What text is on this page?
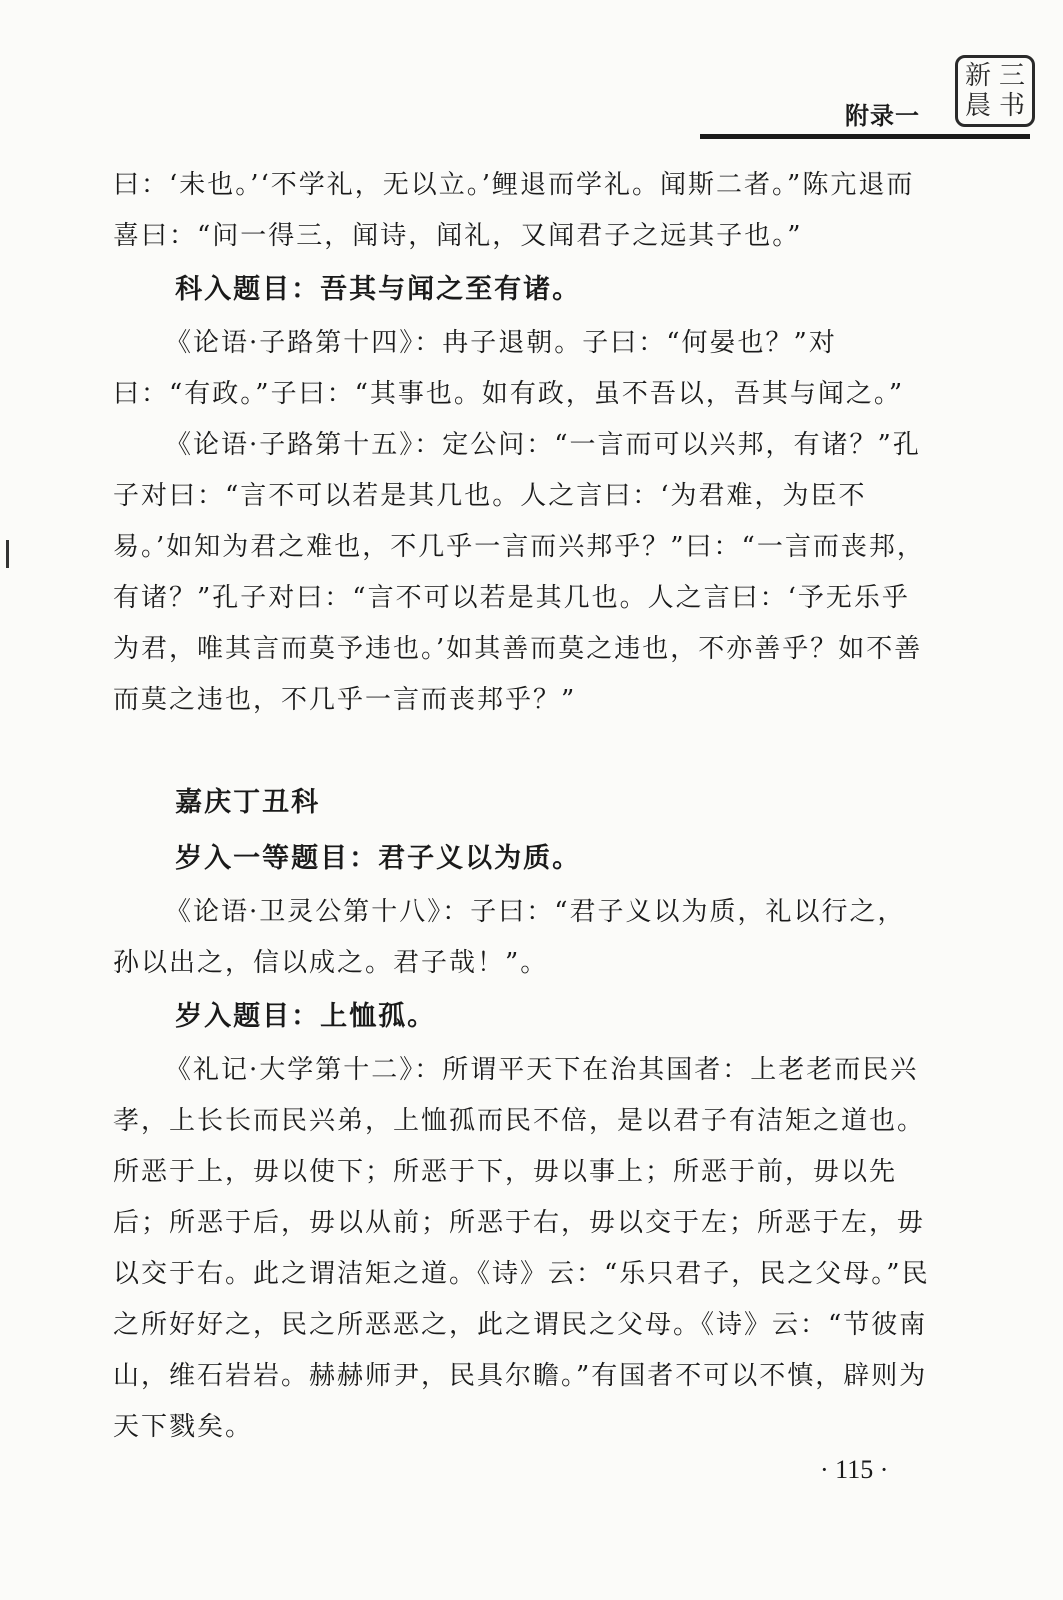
新 三
晨 书
附录一

曰：‘未也。’‘不学礼，无以立。’鲤退而学礼。闻斯二者。”陈亢退而喜曰：“问一得三，闻诗，闻礼，又闻君子之远其子也。”

科入题目：吾其与闻之至有诸。

《论语·子路第十四》：冉子退朝。子曰：“何晏也？”对曰：“有政。”子曰：“其事也。如有政，虽不吾以，吾其与闻之。”

《论语·子路第十五》：定公问：“一言而可以兴邦，有诸？”孔子对曰：“言不可以若是其几也。人之言曰：‘为君难，为臣不易。’如知为君之难也，不几乎一言而兴邦乎？”曰：“一言而丧邦，有诸？”孔子对曰：“言不可以若是其几也。人之言曰：‘予无乐乎为君，唯其言而莫予违也。’如其善而莫之违也，不亦善乎？如不善而莫之违也，不几乎一言而丧邦乎？”

嘉庆丁丑科

岁入一等题目：君子义以为质。

《论语·卫灵公第十八》：子曰：“君子义以为质，礼以行之，孙以出之，信以成之。君子哉！”。

岁入题目：上恤孤。

《礼记·大学第十二》：所谓平天下在治其国者：上老老而民兴孝，上长长而民兴弟，上恤孤而民不倍，是以君子有洁矩之道也。所恶于上，毋以使下；所恶于下，毋以事上；所恶于前，毋以先后；所恶于后，毋以从前；所恶于右，毋以交于左；所恶于左，毋以交于右。此之谓洁矩之道。《诗》云：“乐只君子，民之父母。”民之所好好之，民之所恶恶之，此之谓民之父母。《诗》云：“节彼南山，维石岩岩。赫赫师尹，民具尔瞻。”有国者不可以不慎，辟则为天下戮矣。

· 115 ·
